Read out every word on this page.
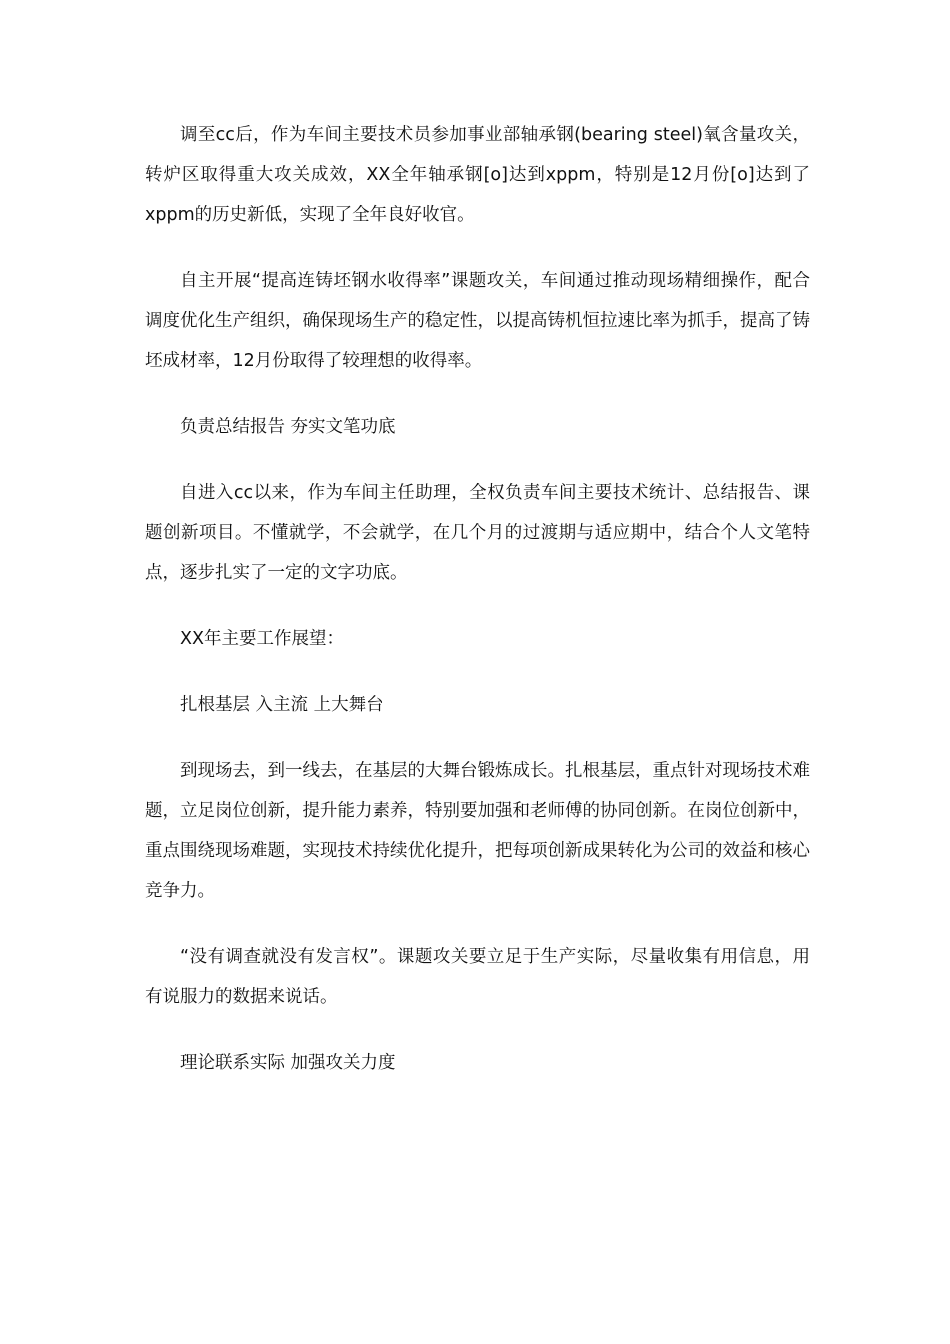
调至cc后，作为车间主要技术员参加事业部轴承钢(bearing steel)氧含量攻关，转炉区取得重大攻关成效，XX全年轴承钢[o]达到xppm，特别是12月份[o]达到了xppm的历史新低，实现了全年良好收官。

自主开展“提高连铸坯钢水收得率”课题攻关，车间通过推动现场精细操作，配合调度优化生产组织，确保现场生产的稳定性，以提高铸机恒拉速比率为抓手，提高了铸坯成材率，12月份取得了较理想的收得率。

负责总结报告 夯实文笔功底

自进入cc以来，作为车间主任助理，全权负责车间主要技术统计、总结报告、课题创新项目。不懂就学，不会就学，在几个月的过渡期与适应期中，结合个人文笔特点，逐步扎实了一定的文字功底。

XX年主要工作展望：

扎根基层 入主流 上大舞台

到现场去，到一线去，在基层的大舞台锻炼成长。扎根基层，重点针对现场技术难题，立足岗位创新，提升能力素养，特别要加强和老师傅的协同创新。在岗位创新中，重点围绕现场难题，实现技术持续优化提升，把每项创新成果转化为公司的效益和核心竞争力。

“没有调查就没有发言权”。课题攻关要立足于生产实际，尽量收集有用信息，用有说服力的数据来说话。

理论联系实际 加强攻关力度
